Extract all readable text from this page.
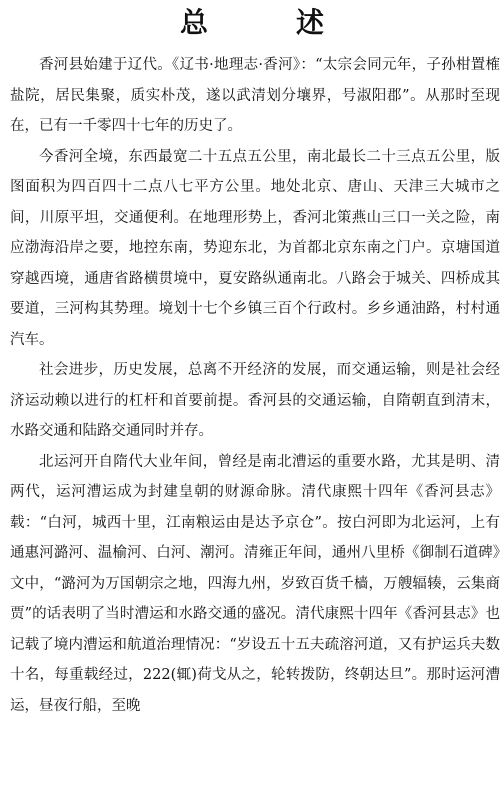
总　述

香河县始建于辽代。《辽书·地理志·香河》：“太宗会同元年，子孙柑置榷盐院，居民集聚，质实朴茂，遂以武清划分壤界，号淑阳郡”。从那时至现在，已有一千零四十七年的历史了。

今香河全境，东西最宽二十五点五公里，南北最长二十三点五公里，版图面积为四百四十二点八七平方公里。地处北京、唐山、天津三大城市之间，川原平坦，交通便利。在地理形势上，香河北策燕山三口一关之险，南应渤海沿岸之要，地控东南，势迎东北，为首都北京东南之门户。京塘国道穿越西境，通唐省路横贯境中，夏安路纵通南北。八路会于城关、四桥成其要道，三河构其势理。境划十七个乡镇三百个行政村。乡乡通油路，村村通汽车。

社会进步，历史发展，总离不开经济的发展，而交通运输，则是社会经济运动赖以进行的杠杆和首要前提。香河县的交通运输，自隋朝直到清末，水路交通和陆路交通同时并存。

北运河开自隋代大业年间，曾经是南北漕运的重要水路，尤其是明、清两代，运河漕运成为封建皇朝的财源命脉。清代康熙十四年《香河县志》载：“白河，城西十里，江南粮运由是达予京仓”。按白河即为北运河，上有通惠河潞河、温榆河、白河、潮河。清雍正年间，通州八里桥《御制石道碑》文中，“潞河为万国朝宗之地，四海九州，岁致百货千樯，万艘辐辏，云集商贾”的话表明了当时漕运和水路交通的盛况。清代康熙十四年《香河县志》也记载了境内漕运和航道治理情况：“岁设五十五夫疏溶河道，又有护运兵夫数十名，每重载经过，222(辄)荷戈从之，轮转拨防，终朝达旦”。那时运河漕运，昼夜行船，至晚
